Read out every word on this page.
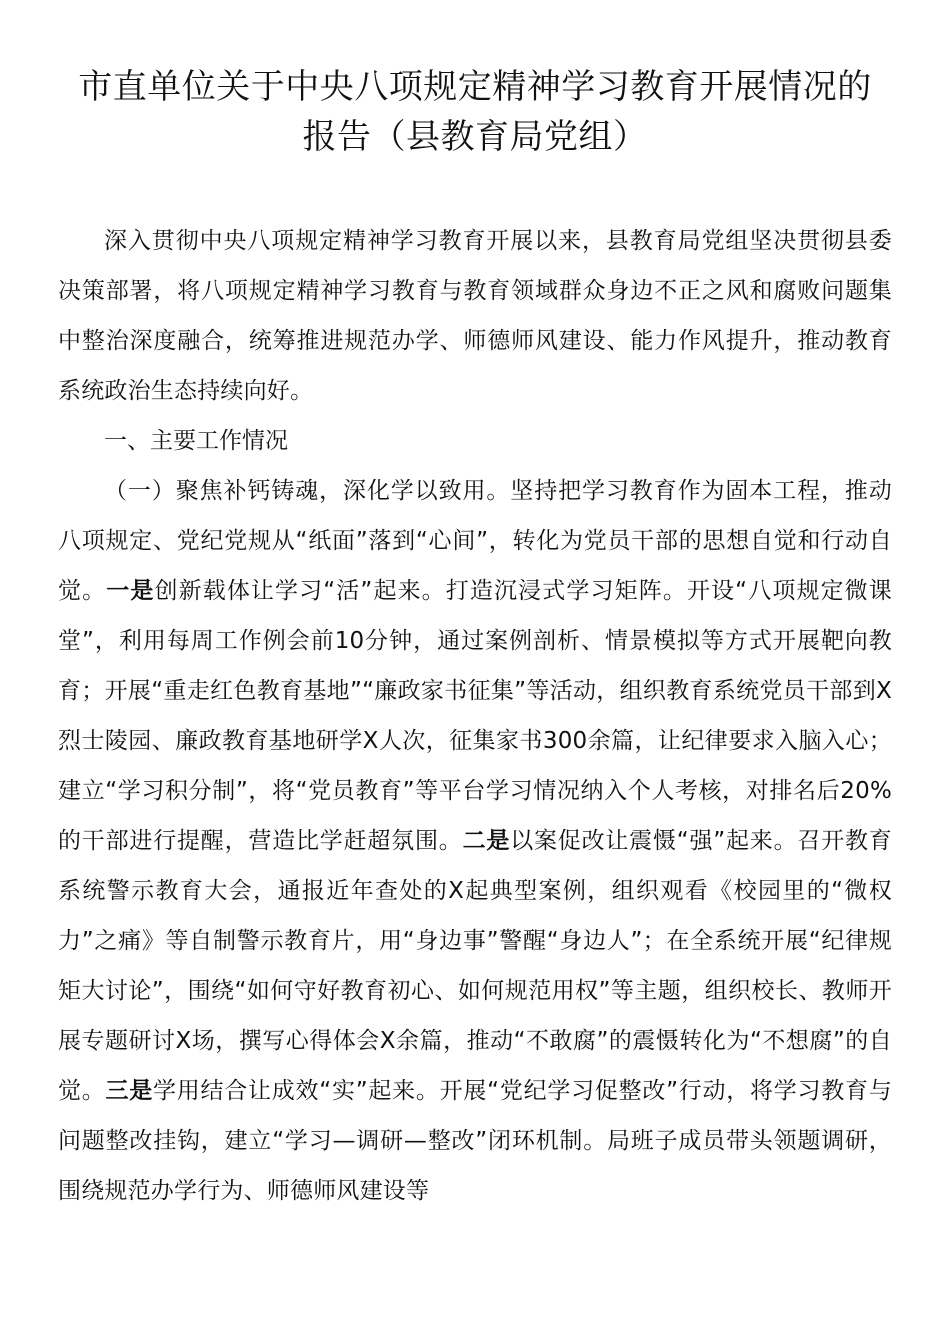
市直单位关于中央八项规定精神学习教育开展情况的
报告（县教育局党组）

深入贯彻中央八项规定精神学习教育开展以来，县教育局党组坚决贯彻县委决策部署，将八项规定精神学习教育与教育领域群众身边不正之风和腐败问题集中整治深度融合，统筹推进规范办学、师德师风建设、能力作风提升，推动教育系统政治生态持续向好。

一、主要工作情况

（一）聚焦补钙铸魂，深化学以致用。坚持把学习教育作为固本工程，推动八项规定、党纪党规从“纸面”落到“心间”，转化为党员干部的思想自觉和行动自觉。一是创新载体让学习“活”起来。打造沉浸式学习矩阵。开设“八项规定微课堂”，利用每周工作例会前10分钟，通过案例剖析、情景模拟等方式开展靶向教育；开展“重走红色教育基地”“廉政家书征集”等活动，组织教育系统党员干部到X烈士陵园、廉政教育基地研学X人次，征集家书300余篇，让纪律要求入脑入心；建立“学习积分制”，将“党员教育”等平台学习情况纳入个人考核，对排名后20%的干部进行提醒，营造比学赶超氛围。二是以案促改让震慑“强”起来。召开教育系统警示教育大会，通报近年查处的X起典型案例，组织观看《校园里的“微权力”之痛》等自制警示教育片，用“身边事”警醒“身边人”；在全系统开展“纪律规矩大讨论”，围绕“如何守好教育初心、如何规范用权”等主题，组织校长、教师开展专题研讨X场，撰写心得体会X余篇，推动“不敢腐”的震慑转化为“不想腐”的自觉。三是学用结合让成效“实”起来。开展“党纪学习促整改”行动，将学习教育与问题整改挂钩，建立“学习—调研—整改”闭环机制。局班子成员带头领题调研，围绕规范办学行为、师德师风建设等
